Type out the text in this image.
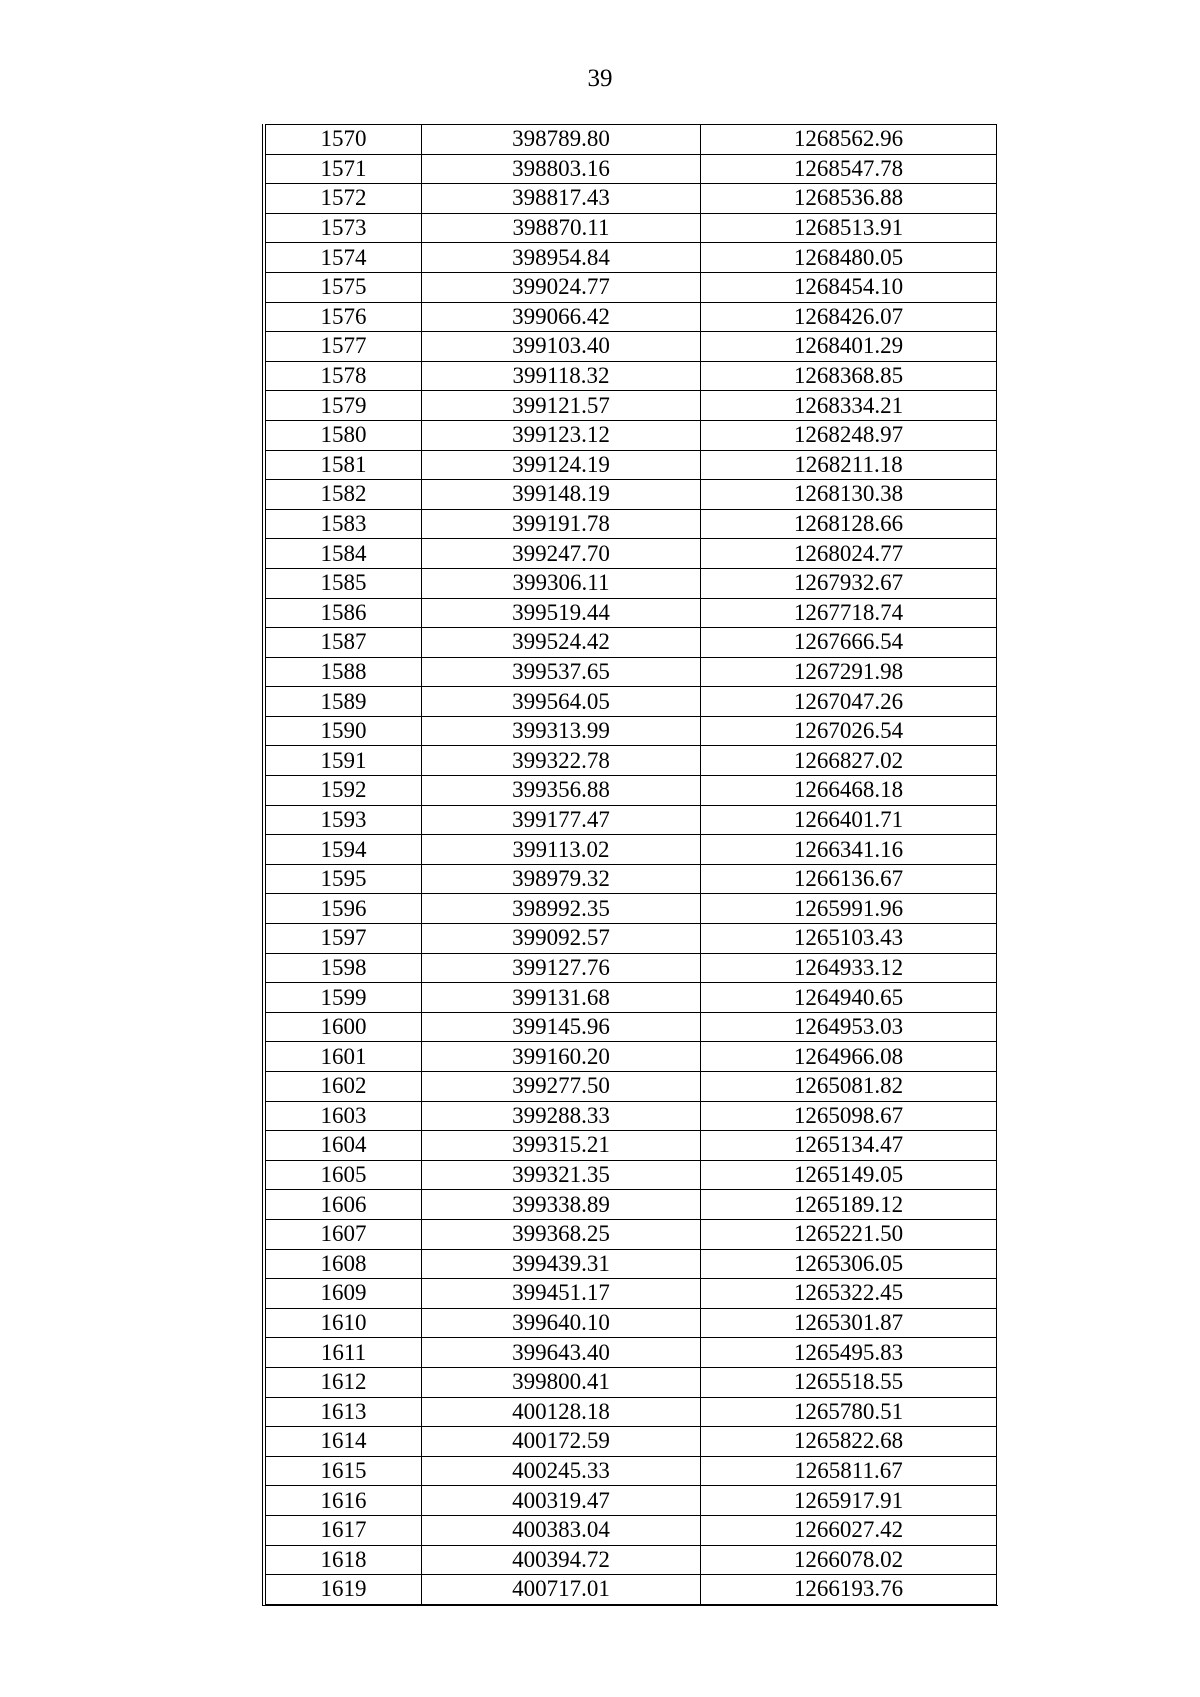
39
1570	398789.80	1268562.96
1571	398803.16	1268547.78
1572	398817.43	1268536.88
1573	398870.11	1268513.91
1574	398954.84	1268480.05
1575	399024.77	1268454.10
1576	399066.42	1268426.07
1577	399103.40	1268401.29
1578	399118.32	1268368.85
1579	399121.57	1268334.21
1580	399123.12	1268248.97
1581	399124.19	1268211.18
1582	399148.19	1268130.38
1583	399191.78	1268128.66
1584	399247.70	1268024.77
1585	399306.11	1267932.67
1586	399519.44	1267718.74
1587	399524.42	1267666.54
1588	399537.65	1267291.98
1589	399564.05	1267047.26
1590	399313.99	1267026.54
1591	399322.78	1266827.02
1592	399356.88	1266468.18
1593	399177.47	1266401.71
1594	399113.02	1266341.16
1595	398979.32	1266136.67
1596	398992.35	1265991.96
1597	399092.57	1265103.43
1598	399127.76	1264933.12
1599	399131.68	1264940.65
1600	399145.96	1264953.03
1601	399160.20	1264966.08
1602	399277.50	1265081.82
1603	399288.33	1265098.67
1604	399315.21	1265134.47
1605	399321.35	1265149.05
1606	399338.89	1265189.12
1607	399368.25	1265221.50
1608	399439.31	1265306.05
1609	399451.17	1265322.45
1610	399640.10	1265301.87
1611	399643.40	1265495.83
1612	399800.41	1265518.55
1613	400128.18	1265780.51
1614	400172.59	1265822.68
1615	400245.33	1265811.67
1616	400319.47	1265917.91
1617	400383.04	1266027.42
1618	400394.72	1266078.02
1619	400717.01	1266193.76
